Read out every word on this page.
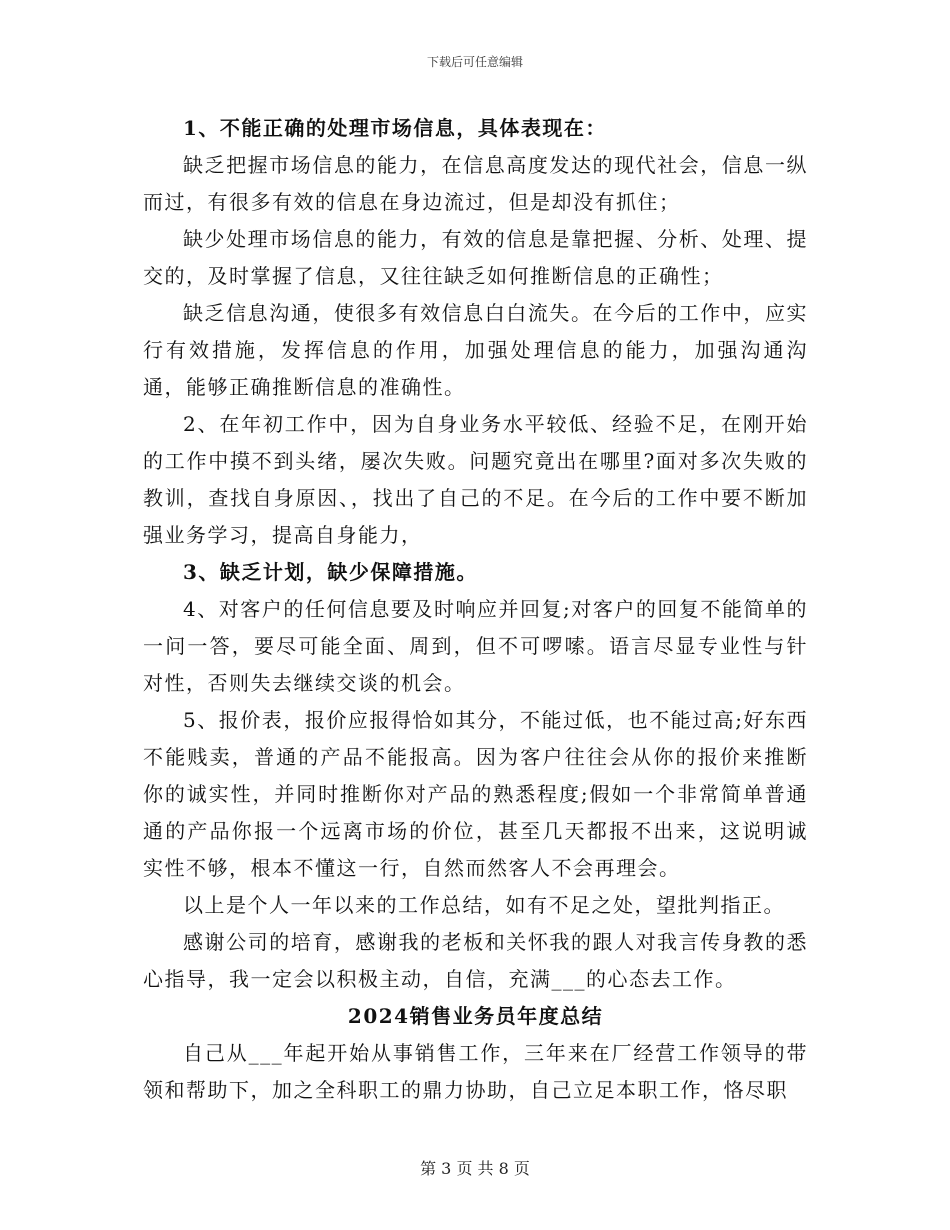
下载后可任意编辑

1、不能正确的处理市场信息，具体表现在：

缺乏把握市场信息的能力，在信息高度发达的现代社会，信息一纵而过，有很多有效的信息在身边流过，但是却没有抓住；

缺少处理市场信息的能力，有效的信息是靠把握、分析、处理、提交的，及时掌握了信息，又往往缺乏如何推断信息的正确性；

缺乏信息沟通，使很多有效信息白白流失。在今后的工作中，应实行有效措施，发挥信息的作用，加强处理信息的能力，加强沟通沟通，能够正确推断信息的准确性。

2、在年初工作中，因为自身业务水平较低、经验不足，在刚开始的工作中摸不到头绪，屡次失败。问题究竟出在哪里?面对多次失败的教训，查找自身原因、，找出了自己的不足。在今后的工作中要不断加强业务学习，提高自身能力，

3、缺乏计划，缺少保障措施。

4、对客户的任何信息要及时响应并回复;对客户的回复不能简单的一问一答，要尽可能全面、周到，但不可啰嗦。语言尽显专业性与针对性，否则失去继续交谈的机会。

5、报价表，报价应报得恰如其分，不能过低，也不能过高;好东西不能贱卖，普通的产品不能报高。因为客户往往会从你的报价来推断你的诚实性，并同时推断你对产品的熟悉程度;假如一个非常简单普通通的产品你报一个远离市场的价位，甚至几天都报不出来，这说明诚实性不够，根本不懂这一行，自然而然客人不会再理会。

以上是个人一年以来的工作总结，如有不足之处，望批判指正。

感谢公司的培育，感谢我的老板和关怀我的跟人对我言传身教的悉心指导，我一定会以积极主动，自信，充满___的心态去工作。

2024销售业务员年度总结

自己从___年起开始从事销售工作，三年来在厂经营工作领导的带领和帮助下，加之全科职工的鼎力协助，自己立足本职工作，恪尽职

第 3 页 共 8 页
